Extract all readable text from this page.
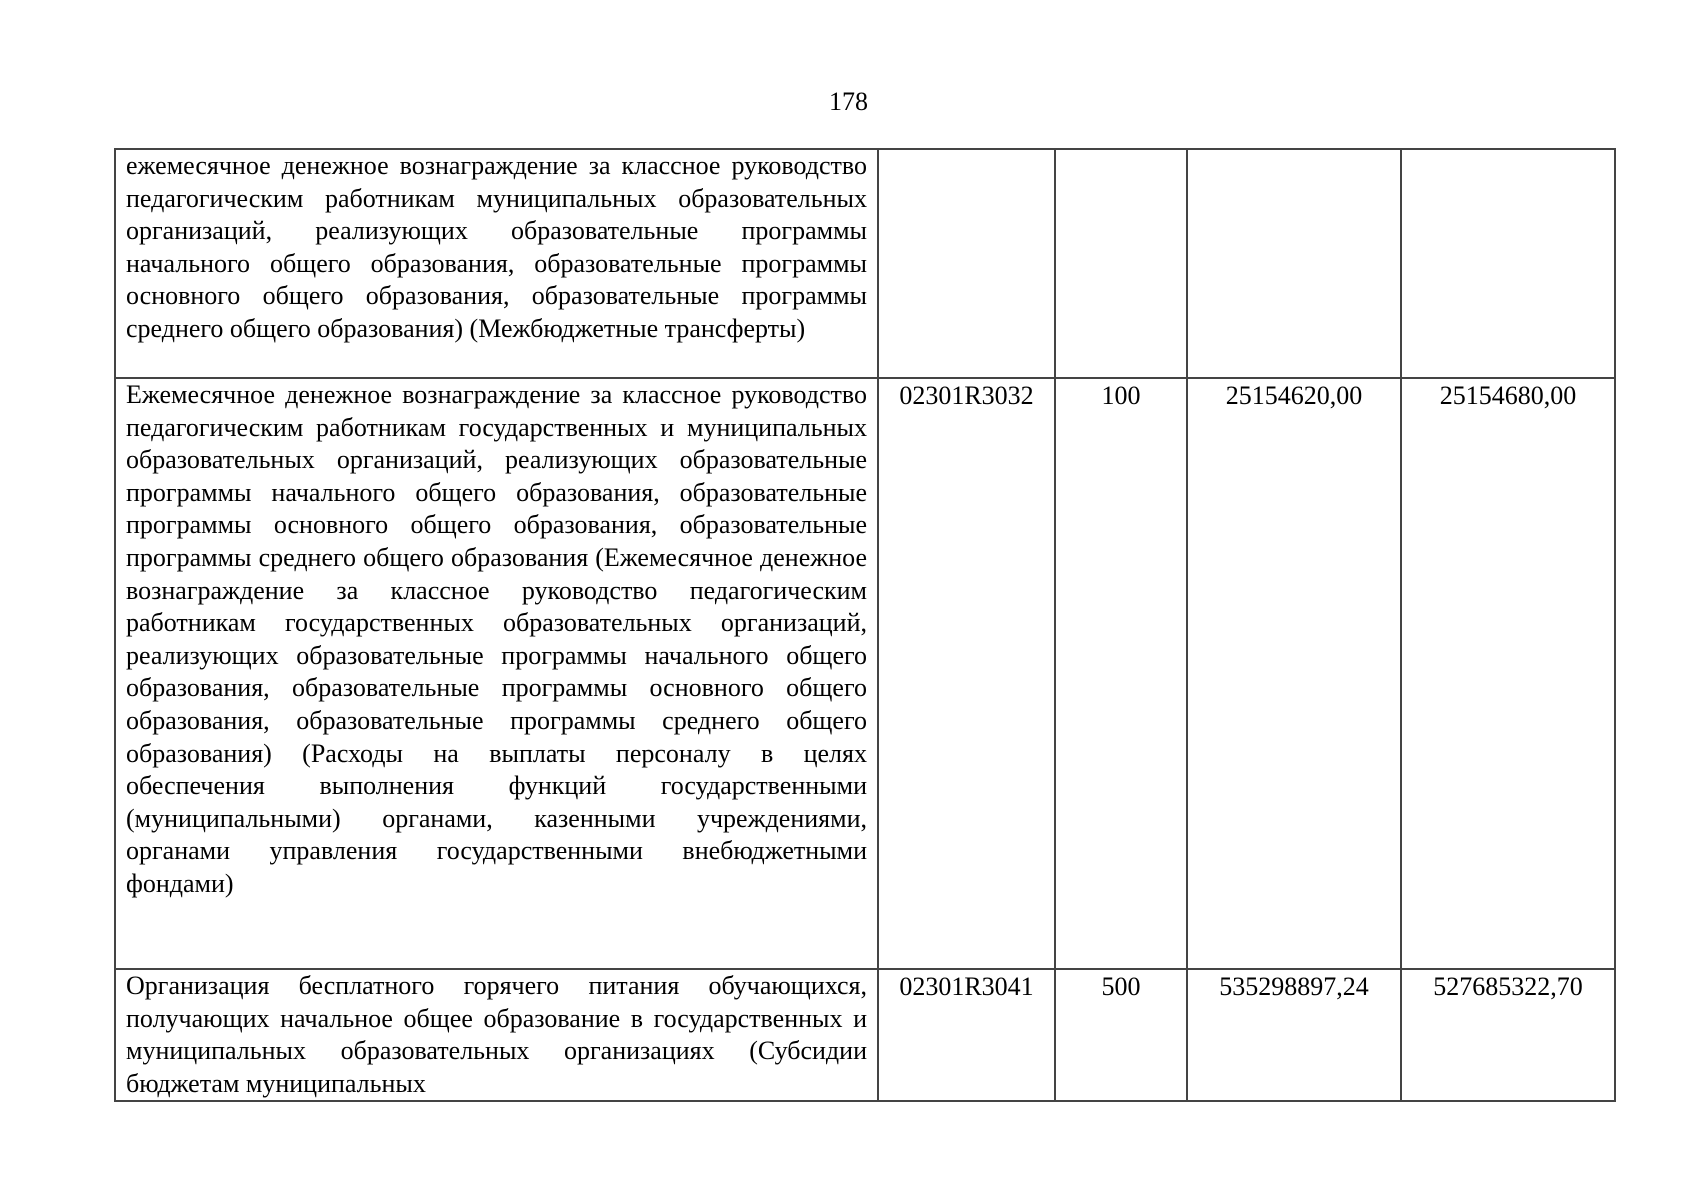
178
ежемесячное денежное вознаграждение за классное руководство педагогическим работникам муниципальных образовательных организаций, реализующих образовательные программы начального общего образования, образовательные программы основного общего образования, образовательные программы среднего общего образования) (Межбюджетные трансферты)				
Ежемесячное денежное вознаграждение за классное руководство педагогическим работникам государственных и муниципальных образовательных организаций, реализующих образовательные программы начального общего образования, образовательные программы основного общего образования, образовательные программы среднего общего образования (Ежемесячное денежное вознаграждение за классное руководство педагогическим работникам государственных образовательных организаций, реализующих образовательные программы начального общего образования, образовательные программы основного общего образования, образовательные программы среднего общего образования) (Расходы на выплаты персоналу в целях обеспечения выполнения функций государственными (муниципальными) органами, казенными учреждениями, органами управления государственными внебюджетными фондами)	02301R3032	100	25154620,00	25154680,00
Организация бесплатного горячего питания обучающихся, получающих начальное общее образование в государственных и муниципальных образовательных организациях (Субсидии бюджетам муниципальных	02301R3041	500	535298897,24	527685322,70
